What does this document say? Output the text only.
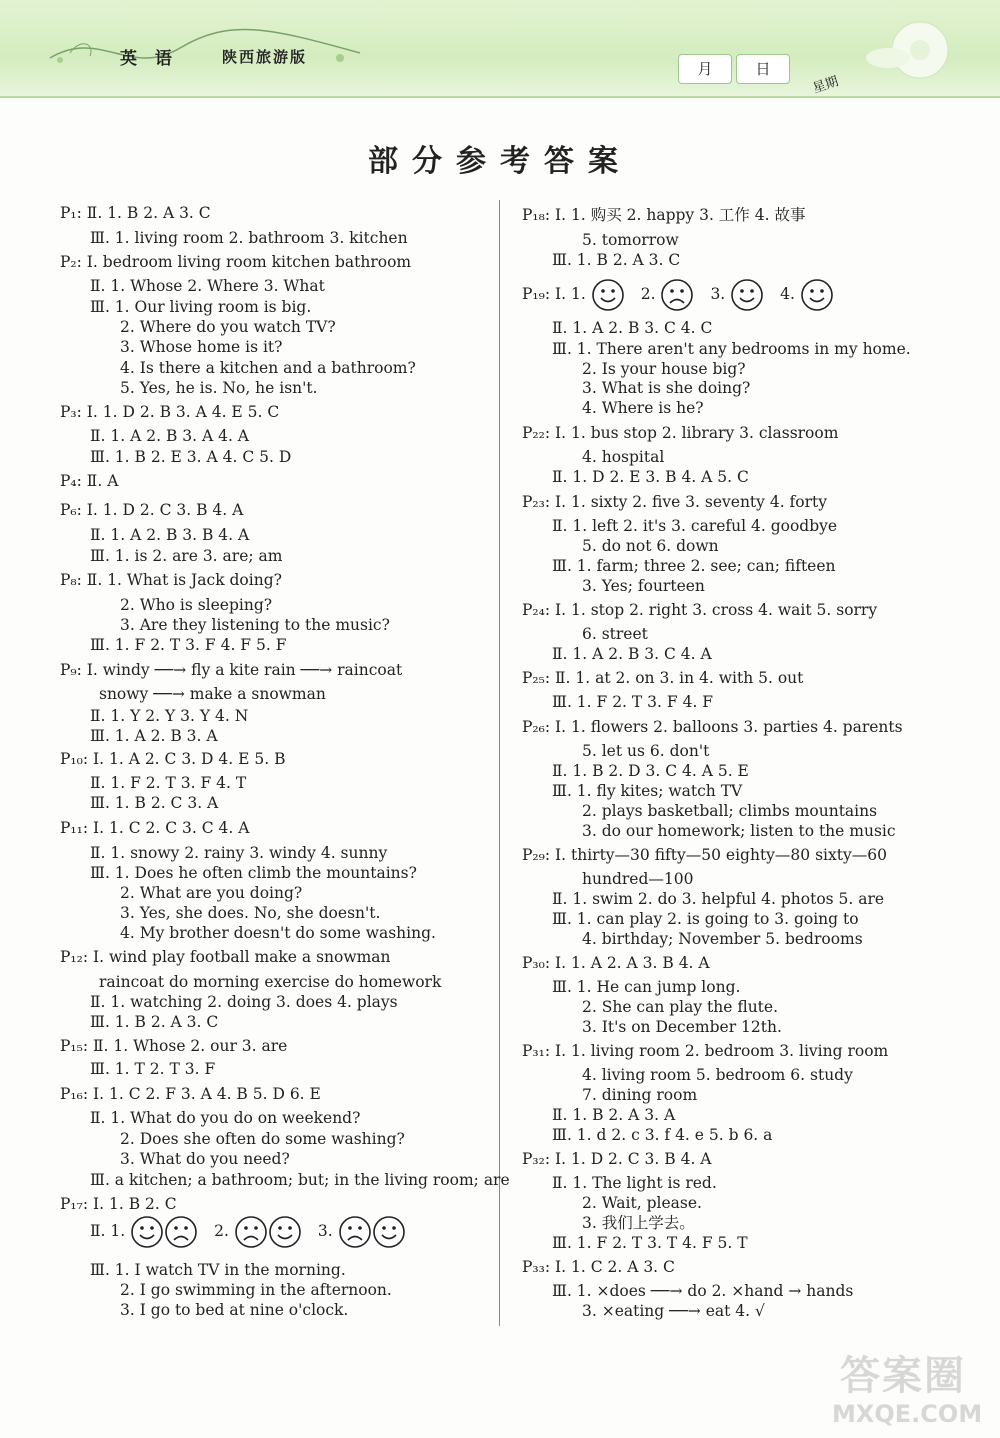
英 语	陕西旅游版
月	日
星期
部分参考答案
P₁: Ⅱ. 1. B 2. A 3. C
Ⅲ. 1. living room 2. bathroom 3. kitchen
P₂: Ⅰ. bedroom living room kitchen bathroom
Ⅱ. 1. Whose 2. Where 3. What
Ⅲ. 1. Our living room is big.
2. Where do you watch TV?
3. Whose home is it?
4. Is there a kitchen and a bathroom?
5. Yes, he is. No, he isn't.
P₃: Ⅰ. 1. D 2. B 3. A 4. E 5. C
Ⅱ. 1. A 2. B 3. A 4. A
Ⅲ. 1. B 2. E 3. A 4. C 5. D
P₄: Ⅱ. A
P₆: Ⅰ. 1. D 2. C 3. B 4. A
Ⅱ. 1. A 2. B 3. B 4. A
Ⅲ. 1. is 2. are 3. are; am
P₈: Ⅱ. 1. What is Jack doing?
2. Who is sleeping?
3. Are they listening to the music?
Ⅲ. 1. F 2. T 3. F 4. F 5. F
P₉: Ⅰ. windy ──→ fly a kite rain ──→ raincoat
snowy ──→ make a snowman
Ⅱ. 1. Y 2. Y 3. Y 4. N
Ⅲ. 1. A 2. B 3. A
P₁₀: Ⅰ. 1. A 2. C 3. D 4. E 5. B
Ⅱ. 1. F 2. T 3. F 4. T
Ⅲ. 1. B 2. C 3. A
P₁₁: Ⅰ. 1. C 2. C 3. C 4. A
Ⅱ. 1. snowy 2. rainy 3. windy 4. sunny
Ⅲ. 1. Does he often climb the mountains?
2. What are you doing?
3. Yes, she does. No, she doesn't.
4. My brother doesn't do some washing.
P₁₂: Ⅰ. wind play football make a snowman
raincoat do morning exercise do homework
Ⅱ. 1. watching 2. doing 3. does 4. plays
Ⅲ. 1. B 2. A 3. C
P₁₅: Ⅱ. 1. Whose 2. our 3. are
Ⅲ. 1. T 2. T 3. F
P₁₆: Ⅰ. 1. C 2. F 3. A 4. B 5. D 6. E
Ⅱ. 1. What do you do on weekend?
2. Does she often do some washing?
3. What do you need?
Ⅲ. a kitchen; a bathroom; but; in the living room; are
P₁₇: Ⅰ. 1. B 2. C
Ⅱ. 1.	2.	3.
Ⅲ. 1. I watch TV in the morning.
2. I go swimming in the afternoon.
3. I go to bed at nine o'clock.
P₁₈: Ⅰ. 1. 购买 2. happy 3. 工作 4. 故事
5. tomorrow
Ⅲ. 1. B 2. A 3. C
P₁₉: Ⅰ. 1.	2.	3.	4.
Ⅱ. 1. A 2. B 3. C 4. C
Ⅲ. 1. There aren't any bedrooms in my home.
2. Is your house big?
3. What is she doing?
4. Where is he?
P₂₂: Ⅰ. 1. bus stop 2. library 3. classroom
4. hospital
Ⅱ. 1. D 2. E 3. B 4. A 5. C
P₂₃: Ⅰ. 1. sixty 2. five 3. seventy 4. forty
Ⅱ. 1. left 2. it's 3. careful 4. goodbye
5. do not 6. down
Ⅲ. 1. farm; three 2. see; can; fifteen
3. Yes; fourteen
P₂₄: Ⅰ. 1. stop 2. right 3. cross 4. wait 5. sorry
6. street
Ⅱ. 1. A 2. B 3. C 4. A
P₂₅: Ⅱ. 1. at 2. on 3. in 4. with 5. out
Ⅲ. 1. F 2. T 3. F 4. F
P₂₆: Ⅰ. 1. flowers 2. balloons 3. parties 4. parents
5. let us 6. don't
Ⅱ. 1. B 2. D 3. C 4. A 5. E
Ⅲ. 1. fly kites; watch TV
2. plays basketball; climbs mountains
3. do our homework; listen to the music
P₂₉: Ⅰ. thirty—30 fifty—50 eighty—80 sixty—60
hundred—100
Ⅱ. 1. swim 2. do 3. helpful 4. photos 5. are
Ⅲ. 1. can play 2. is going to 3. going to
4. birthday; November 5. bedrooms
P₃₀: Ⅰ. 1. A 2. A 3. B 4. A
Ⅲ. 1. He can jump long.
2. She can play the flute.
3. It's on December 12th.
P₃₁: Ⅰ. 1. living room 2. bedroom 3. living room
4. living room 5. bedroom 6. study
7. dining room
Ⅱ. 1. B 2. A 3. A
Ⅲ. 1. d 2. c 3. f 4. e 5. b 6. a
P₃₂: Ⅰ. 1. D 2. C 3. B 4. A
Ⅱ. 1. The light is red.
2. Wait, please.
3. 我们上学去。
Ⅲ. 1. F 2. T 3. T 4. F 5. T
P₃₃: Ⅰ. 1. C 2. A 3. C
Ⅲ. 1. ×does ──→ do 2. ×hand → hands
3. ×eating ──→ eat 4. √
答案圈
MXQE.COM
